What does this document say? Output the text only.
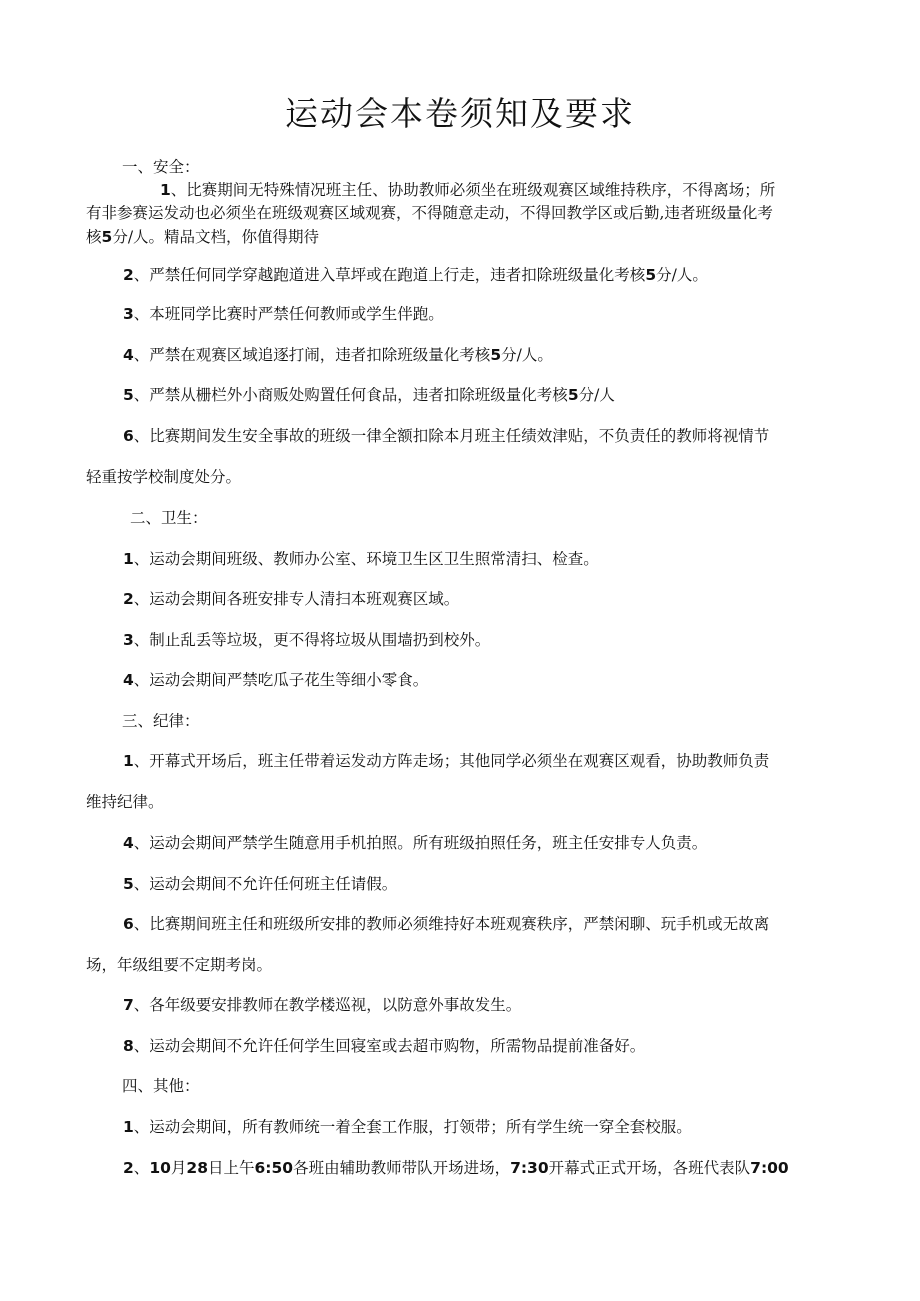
运动会本卷须知及要求

一、安全：

1、比赛期间无特殊情况班主任、协助教师必须坐在班级观赛区域维持秩序，不得离场；所

有非参赛运发动也必须坐在班级观赛区域观赛，不得随意走动，不得回教学区或后勤,违者班级量化考

核5分/人。精品文档，你值得期待

2、严禁任何同学穿越跑道进入草坪或在跑道上行走，违者扣除班级量化考核5分/人。

3、本班同学比赛时严禁任何教师或学生伴跑。

4、严禁在观赛区域追逐打闹，违者扣除班级量化考核5分/人。

5、严禁从栅栏外小商贩处购置任何食品，违者扣除班级量化考核5分/人

6、比赛期间发生安全事故的班级一律全额扣除本月班主任绩效津贴，不负责任的教师将视情节

轻重按学校制度处分。

二、卫生：

1、运动会期间班级、教师办公室、环境卫生区卫生照常清扫、检查。

2、运动会期间各班安排专人清扫本班观赛区域。

3、制止乱丢等垃圾，更不得将垃圾从围墙扔到校外。

4、运动会期间严禁吃瓜子花生等细小零食。

三、纪律：

1、开幕式开场后，班主任带着运发动方阵走场；其他同学必须坐在观赛区观看，协助教师负责

维持纪律。

4、运动会期间严禁学生随意用手机拍照。所有班级拍照任务，班主任安排专人负责。

5、运动会期间不允许任何班主任请假。

6、比赛期间班主任和班级所安排的教师必须维持好本班观赛秩序，严禁闲聊、玩手机或无故离

场，年级组要不定期考岗。

7、各年级要安排教师在教学楼巡视，以防意外事故发生。

8、运动会期间不允许任何学生回寝室或去超市购物，所需物品提前准备好。

四、其他：

1、运动会期间，所有教师统一着全套工作服，打领带；所有学生统一穿全套校服。

2、10月28日上午6:50各班由辅助教师带队开场进场，7:30开幕式正式开场，各班代表队7:00
